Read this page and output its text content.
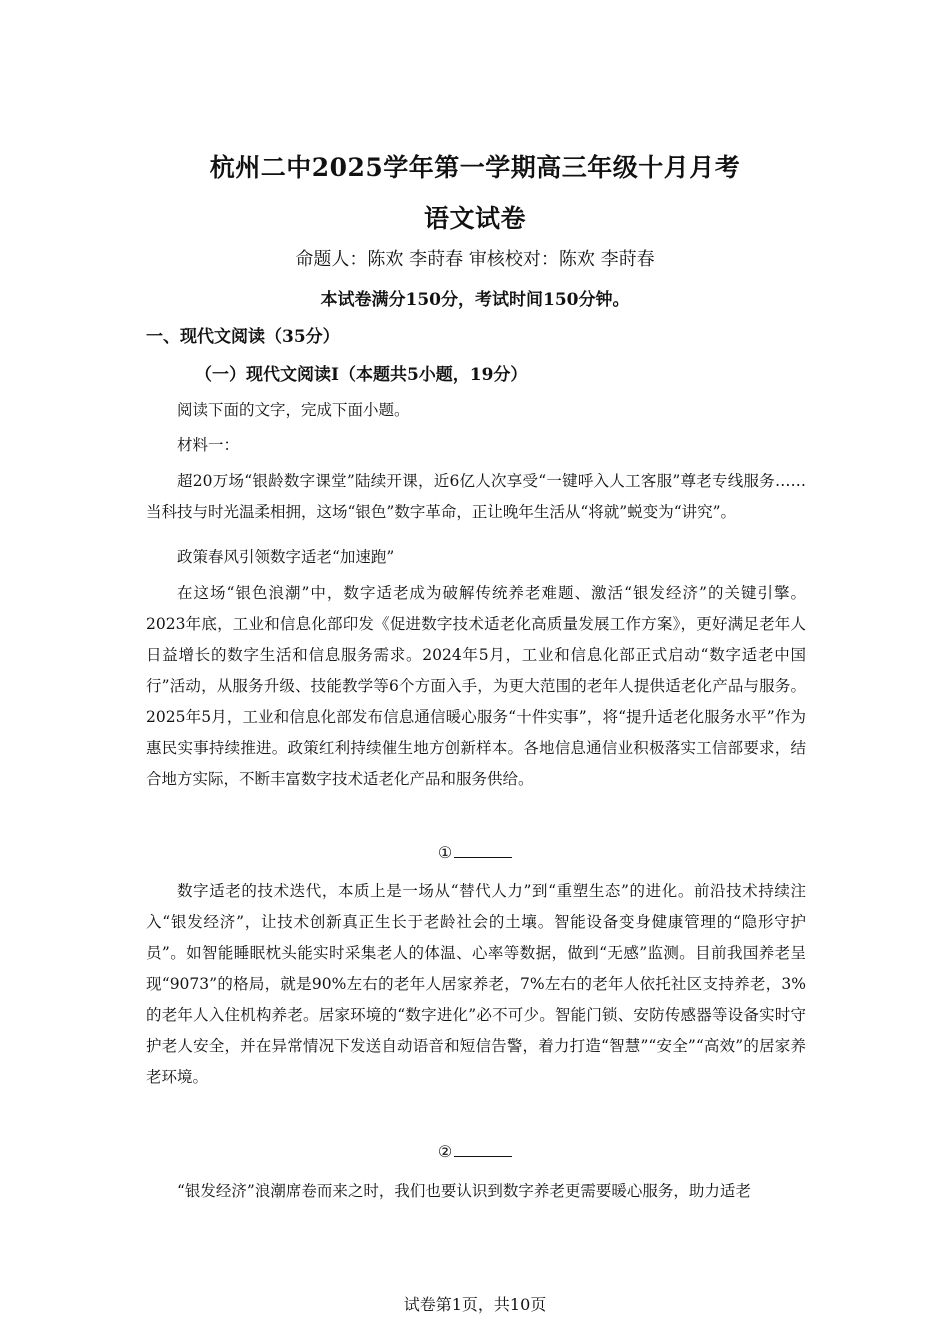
杭州二中2025学年第一学期高三年级十月月考
语文试卷
命题人：陈欢 李莳春 审核校对：陈欢 李莳春
本试卷满分150分，考试时间150分钟。
一、现代文阅读（35分）
（一）现代文阅读I（本题共5小题，19分）
阅读下面的文字，完成下面小题。
材料一：
超20万场“银龄数字课堂”陆续开课，近6亿人次享受“一键呼入人工客服”尊老专线服务……当科技与时光温柔相拥，这场“银色”数字革命，正让晚年生活从“将就”蜕变为“讲究”。
政策春风引领数字适老“加速跑”
在这场“银色浪潮”中，数字适老成为破解传统养老难题、激活“银发经济”的关键引擎。2023年底，工业和信息化部印发《促进数字技术适老化高质量发展工作方案》，更好满足老年人日益增长的数字生活和信息服务需求。2024年5月，工业和信息化部正式启动“数字适老中国行”活动，从服务升级、技能教学等6个方面入手，为更大范围的老年人提供适老化产品与服务。2025年5月，工业和信息化部发布信息通信暖心服务“十件实事”，将“提升适老化服务水平”作为惠民实事持续推进。政策红利持续催生地方创新样本。各地信息通信业积极落实工信部要求，结合地方实际，不断丰富数字技术适老化产品和服务供给。
①
数字适老的技术迭代，本质上是一场从“替代人力”到“重塑生态”的进化。前沿技术持续注入“银发经济”，让技术创新真正生长于老龄社会的土壤。智能设备变身健康管理的“隐形守护员”。如智能睡眠枕头能实时采集老人的体温、心率等数据，做到“无感”监测。目前我国养老呈现“9073”的格局，就是90%左右的老年人居家养老，7%左右的老年人依托社区支持养老，3%的老年人入住机构养老。居家环境的“数字进化”必不可少。智能门锁、安防传感器等设备实时守护老人安全，并在异常情况下发送自动语音和短信告警，着力打造“智慧”“安全”“高效”的居家养老环境。
②
“银发经济”浪潮席卷而来之时，我们也要认识到数字养老更需要暖心服务，助力适老
试卷第1页，共10页
